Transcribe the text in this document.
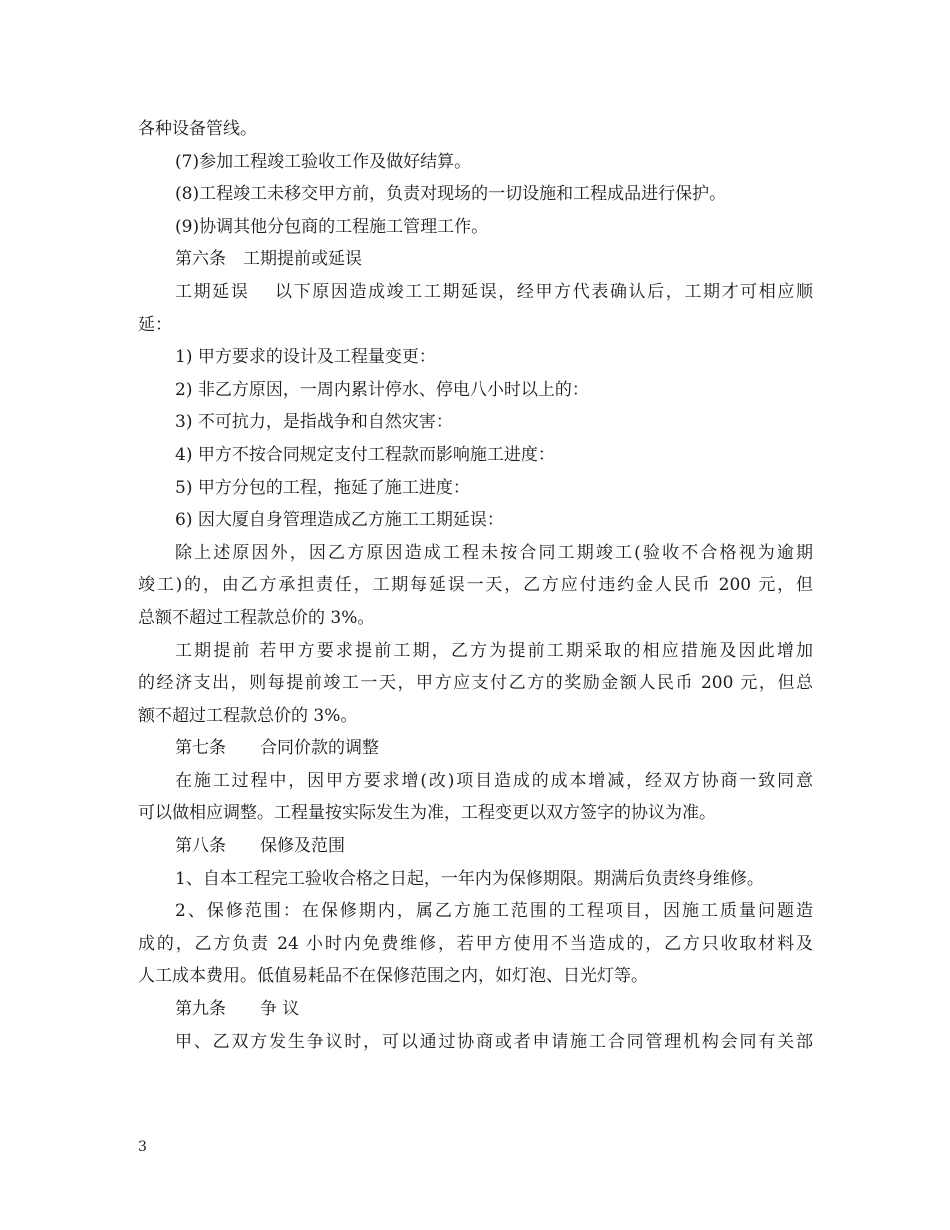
各种设备管线。
(7)参加工程竣工验收工作及做好结算。
(8)工程竣工未移交甲方前，负责对现场的一切设施和工程成品进行保护。
(9)协调其他分包商的工程施工管理工作。
第六条　工期提前或延误
工期延误　 以下原因造成竣工工期延误，经甲方代表确认后，工期才可相应顺
延：
1) 甲方要求的设计及工程量变更：
2) 非乙方原因，一周内累计停水、停电八小时以上的：
3) 不可抗力，是指战争和自然灾害：
4) 甲方不按合同规定支付工程款而影响施工进度：
5) 甲方分包的工程，拖延了施工进度：
6) 因大厦自身管理造成乙方施工工期延误：
除上述原因外，因乙方原因造成工程未按合同工期竣工(验收不合格视为逾期
竣工)的，由乙方承担责任，工期每延误一天，乙方应付违约金人民币 200 元，但
总额不超过工程款总价的 3%。
工期提前 若甲方要求提前工期，乙方为提前工期采取的相应措施及因此增加
的经济支出，则每提前竣工一天，甲方应支付乙方的奖励金额人民币 200 元，但总
额不超过工程款总价的 3%。
第七条　　合同价款的调整
在施工过程中，因甲方要求增(改)项目造成的成本增减，经双方协商一致同意
可以做相应调整。工程量按实际发生为准，工程变更以双方签字的协议为准。
第八条　　保修及范围
1、自本工程完工验收合格之日起，一年内为保修期限。期满后负责终身维修。
2、保修范围：在保修期内，属乙方施工范围的工程项目，因施工质量问题造
成的，乙方负责 24 小时内免费维修，若甲方使用不当造成的，乙方只收取材料及
人工成本费用。低值易耗品不在保修范围之内，如灯泡、日光灯等。
第九条　　争 议
甲、乙双方发生争议时，可以通过协商或者申请施工合同管理机构会同有关部
3
